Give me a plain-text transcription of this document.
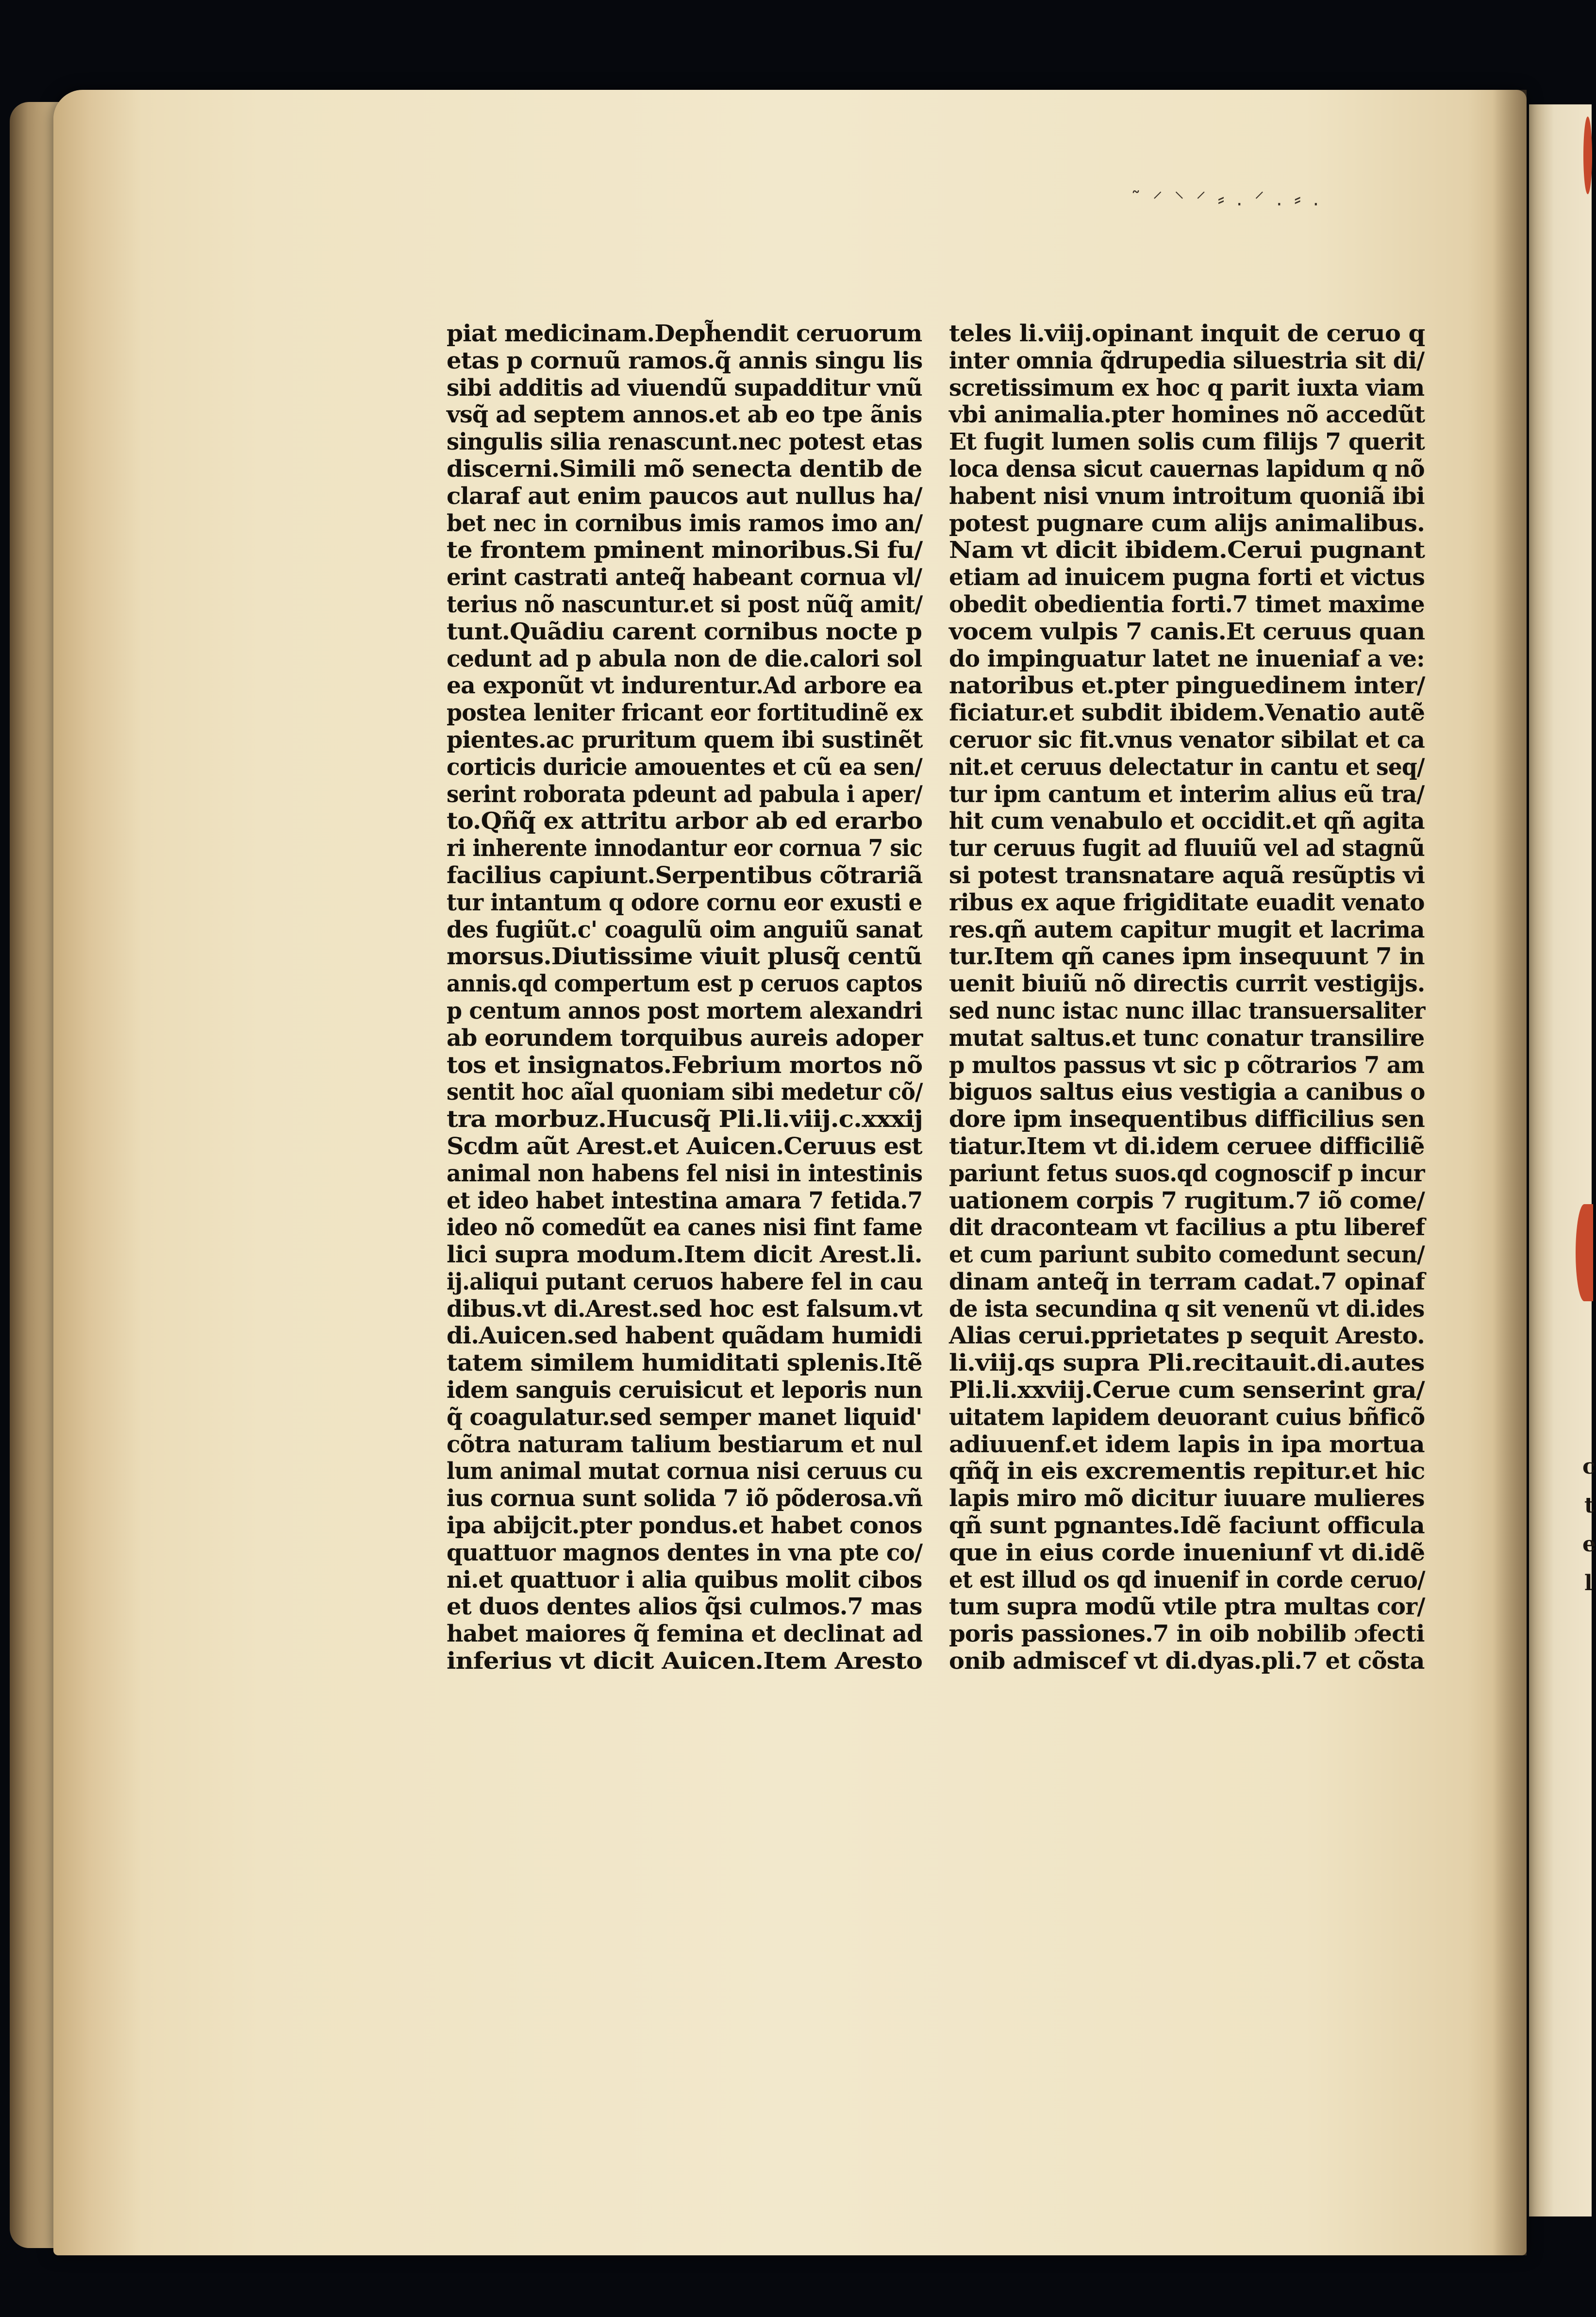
c
t
e
l
˜ ⸍ ⸌ ⸍ ⸗ . ⸍ . ⸗ .
piat medicinam.Deph̃endit ceruorum
etas p cornuũ ramos.q̃ annis singu lis
sibi additis ad viuendũ supadditur vnũ
vsq̃ ad septem annos.et ab eo tpe ãnis
singulis silia renascunt.nec potest etas
discerni.Simili mõ senecta dentib de
claraf aut enim paucos aut nullus ha/
bet nec in cornibus imis ramos imo an/
te frontem pminent minoribus.Si fu/
erint castrati anteq̃ habeant cornua vl/
terius nõ nascuntur.et si post nũq̃ amit/
tunt.Quãdiu carent cornibus nocte p
cedunt ad p abula non de die.calori sol
ea exponũt vt indurentur.Ad arbore ea
postea leniter fricant eor fortitudinẽ ex
pientes.ac pruritum quem ibi sustinẽt
corticis duricie amouentes et cũ ea sen/
serint roborata pdeunt ad pabula i aper/
to.Qñq̃ ex attritu arbor ab ed erarbo
ri inherente innodantur eor cornua 7 sic
facilius capiunt.Serpentibus cõtrariã
tur intantum q odore cornu eor exusti e
des fugiũt.c' coagulũ oim anguiũ sanat
morsus.Diutissime viuit plusq̃ centũ
annis.qd compertum est p ceruos captos
p centum annos post mortem alexandri
ab eorundem torquibus aureis adoper
tos et insignatos.Febrium mortos nõ
sentit hoc aĩal quoniam sibi medetur cõ/
tra morbuz.Hucusq̃ Pli.li.viij.c.xxxij
Scdm aũt Arest.et Auicen.Ceruus est
animal non habens fel nisi in intestinis
et ideo habet intestina amara 7 fetida.7
ideo nõ comedũt ea canes nisi fint fame
lici supra modum.Item dicit Arest.li.
ij.aliqui putant ceruos habere fel in cau
dibus.vt di.Arest.sed hoc est falsum.vt
di.Auicen.sed habent quãdam humidi
tatem similem humiditati splenis.Itẽ
idem sanguis ceruisicut et leporis nun
q̃ coagulatur.sed semper manet liquid'
cõtra naturam talium bestiarum et nul
lum animal mutat cornua nisi ceruus cu
ius cornua sunt solida 7 iõ põderosa.vñ
ipa abijcit.pter pondus.et habet conos
quattuor magnos dentes in vna pte co/
ni.et quattuor i alia quibus molit cibos
et duos dentes alios q̃si culmos.7 mas
habet maiores q̃ femina et declinat ad
inferius vt dicit Auicen.Item Aresto
teles li.viij.opinant inquit de ceruo q
inter omnia q̃drupedia siluestria sit di/
scretissimum ex hoc q parit iuxta viam
vbi animalia.pter homines nõ accedũt
Et fugit lumen solis cum filijs 7 querit
loca densa sicut cauernas lapidum q nõ
habent nisi vnum introitum quoniã ibi
potest pugnare cum alijs animalibus.
Nam vt dicit ibidem.Cerui pugnant
etiam ad inuicem pugna forti et victus
obedit obedientia forti.7 timet maxime
vocem vulpis 7 canis.Et ceruus quan
do impinguatur latet ne inueniaf a ve:
natoribus et.pter pinguedinem inter/
ficiatur.et subdit ibidem.Venatio autẽ
ceruor sic fit.vnus venator sibilat et ca
nit.et ceruus delectatur in cantu et seq/
tur ipm cantum et interim alius eũ tra/
hit cum venabulo et occidit.et qñ agita
tur ceruus fugit ad fluuiũ vel ad stagnũ
si potest transnatare aquã resũptis vi
ribus ex aque frigiditate euadit venato
res.qñ autem capitur mugit et lacrima
tur.Item qñ canes ipm insequunt 7 in
uenit biuiũ nõ directis currit vestigijs.
sed nunc istac nunc illac transuersaliter
mutat saltus.et tunc conatur transilire
p multos passus vt sic p cõtrarios 7 am
biguos saltus eius vestigia a canibus o
dore ipm insequentibus difficilius sen
tiatur.Item vt di.idem ceruee difficiliẽ
pariunt fetus suos.qd cognoscif p incur
uationem corpis 7 rugitum.7 iõ come/
dit draconteam vt facilius a ptu liberef
et cum pariunt subito comedunt secun/
dinam anteq̃ in terram cadat.7 opinaf
de ista secundina q sit venenũ vt di.ides
Alias cerui.pprietates p sequit Aresto.
li.viij.qs supra Pli.recitauit.di.autes
Pli.li.xxviij.Cerue cum senserint gra/
uitatem lapidem deuorant cuius bñficõ
adiuuenf.et idem lapis in ipa mortua
qñq̃ in eis excrementis repitur.et hic
lapis miro mõ dicitur iuuare mulieres
qñ sunt pgnantes.Idẽ faciunt officula
que in eius corde inueniunf vt di.idẽ
et est illud os qd inuenif in corde ceruo/
tum supra modũ vtile ptra multas cor/
poris passiones.7 in oib nobilib ɔfecti
onib admiscef vt di.dyas.pli.7 et cõsta
